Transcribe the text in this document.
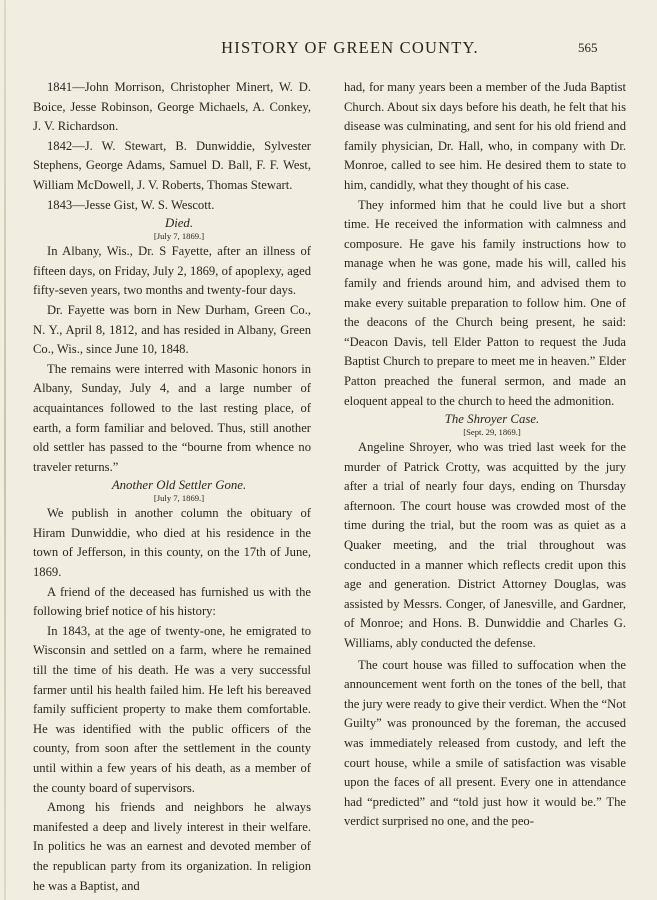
HISTORY OF GREEN COUNTY.	565

1841—John Morrison, Christopher Minert, W. D. Boice, Jesse Robinson, George Michaels, A. Conkey, J. V. Richardson.

1842—J. W. Stewart, B. Dunwiddie, Sylvester Stephens, George Adams, Samuel D. Ball, F. F. West, William McDowell, J. V. Roberts, Thomas Stewart.

1843—Jesse Gist, W. S. Wescott.

Died.

[July 7, 1869.]

In Albany, Wis., Dr. S Fayette, after an illness of fifteen days, on Friday, July 2, 1869, of apoplexy, aged fifty-seven years, two months and twenty-four days.

Dr. Fayette was born in New Durham, Green Co., N. Y., April 8, 1812, and has resided in Albany, Green Co., Wis., since June 10, 1848.

The remains were interred with Masonic honors in Albany, Sunday, July 4, and a large number of acquaintances followed to the last resting place, of earth, a form familiar and beloved. Thus, still another old settler has passed to the “bourne from whence no traveler returns.”

Another Old Settler Gone.

[July 7, 1869.]

We publish in another column the obituary of Hiram Dunwiddie, who died at his residence in the town of Jefferson, in this county, on the 17th of June, 1869.

A friend of the deceased has furnished us with the following brief notice of his history:

In 1843, at the age of twenty-one, he emigrated to Wisconsin and settled on a farm, where he remained till the time of his death. He was a very successful farmer until his health failed him. He left his bereaved family sufficient property to make them comfortable. He was identified with the public officers of the county, from soon after the settlement in the county until within a few years of his death, as a member of the county board of supervisors.

Among his friends and neighbors he always manifested a deep and lively interest in their welfare. In politics he was an earnest and devoted member of the republican party from its organization. In religion he was a Baptist, and

had, for many years been a member of the Juda Baptist Church. About six days before his death, he felt that his disease was culminating, and sent for his old friend and family physician, Dr. Hall, who, in company with Dr. Monroe, called to see him. He desired them to state to him, candidly, what they thought of his case.

They informed him that he could live but a short time. He received the information with calmness and composure. He gave his family instructions how to manage when he was gone, made his will, called his family and friends around him, and advised them to make every suitable preparation to follow him. One of the deacons of the Church being present, he said: “Deacon Davis, tell Elder Patton to request the Juda Baptist Church to prepare to meet me in heaven.” Elder Patton preached the funeral sermon, and made an eloquent appeal to the church to heed the admonition.

The Shroyer Case.

[Sept. 29, 1869.]

Angeline Shroyer, who was tried last week for the murder of Patrick Crotty, was acquitted by the jury after a trial of nearly four days, ending on Thursday afternoon. The court house was crowded most of the time during the trial, but the room was as quiet as a Quaker meeting, and the trial throughout was conducted in a manner which reflects credit upon this age and generation. District Attorney Douglas, was assisted by Messrs. Conger, of Janesville, and Gardner, of Monroe; and Hons. B. Dunwiddie and Charles G. Williams, ably conducted the defense.

The court house was filled to suffocation when the announcement went forth on the tones of the bell, that the jury were ready to give their verdict. When the “Not Guilty” was pronounced by the foreman, the accused was immediately released from custody, and left the court house, while a smile of satisfaction was visable upon the faces of all present. Every one in attendance had “predicted” and “told just how it would be.” The verdict surprised no one, and the peo-
